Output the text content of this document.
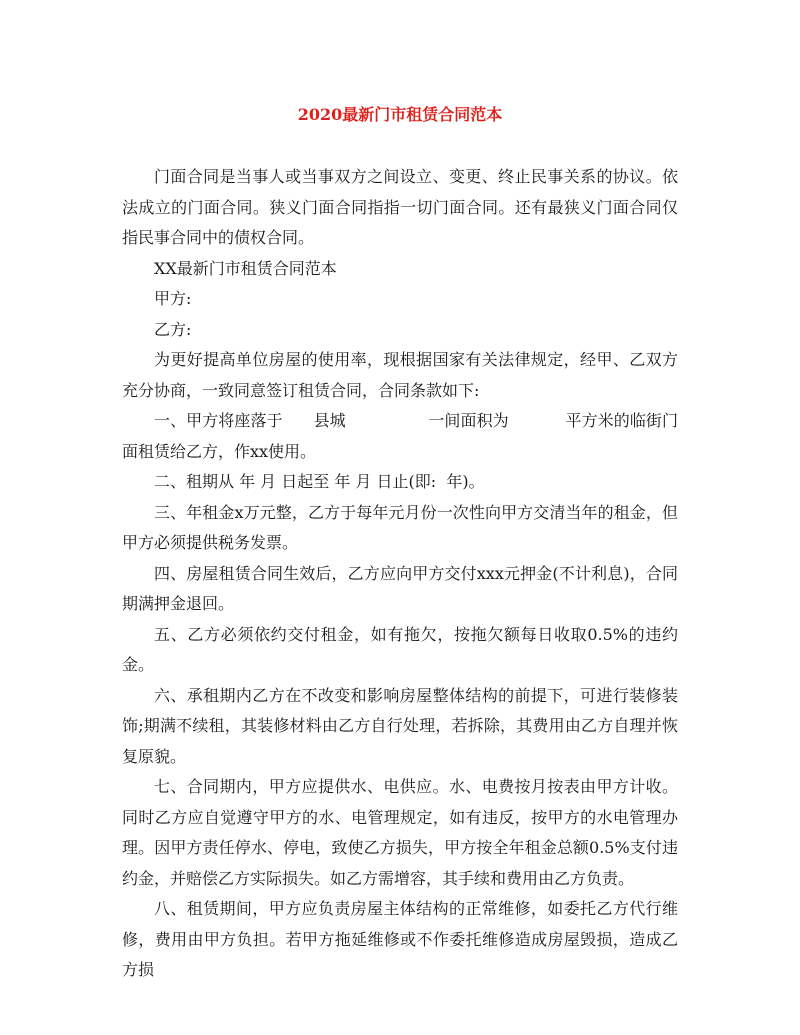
2020最新门市租赁合同范本

门面合同是当事人或当事双方之间设立、变更、终止民事关系的协议。依法成立的门面合同。狭义门面合同指指一切门面合同。还有最狭义门面合同仅指民事合同中的债权合同。

XX最新门市租赁合同范本

甲方:

乙方:

为更好提高单位房屋的使用率，现根据国家有关法律规定，经甲、乙双方充分协商，一致同意签订租赁合同，合同条款如下:

一、甲方将座落于      县城                一间面积为           平方米的临街门面租赁给乙方，作xx使用。

二、租期从 年 月 日起至 年 月 日止(即:  年)。

三、年租金x万元整，乙方于每年元月份一次性向甲方交清当年的租金，但甲方必须提供税务发票。

四、房屋租赁合同生效后，乙方应向甲方交付xxx元押金(不计利息)，合同期满押金退回。

五、乙方必须依约交付租金，如有拖欠，按拖欠额每日收取0.5%的违约金。

六、承租期内乙方在不改变和影响房屋整体结构的前提下，可进行装修装饰;期满不续租，其装修材料由乙方自行处理，若拆除，其费用由乙方自理并恢复原貌。

七、合同期内，甲方应提供水、电供应。水、电费按月按表由甲方计收。同时乙方应自觉遵守甲方的水、电管理规定，如有违反，按甲方的水电管理办理。因甲方责任停水、停电，致使乙方损失，甲方按全年租金总额0.5%支付违约金，并赔偿乙方实际损失。如乙方需增容，其手续和费用由乙方负责。

八、租赁期间，甲方应负责房屋主体结构的正常维修，如委托乙方代行维修，费用由甲方负担。若甲方拖延维修或不作委托维修造成房屋毁损，造成乙方损
